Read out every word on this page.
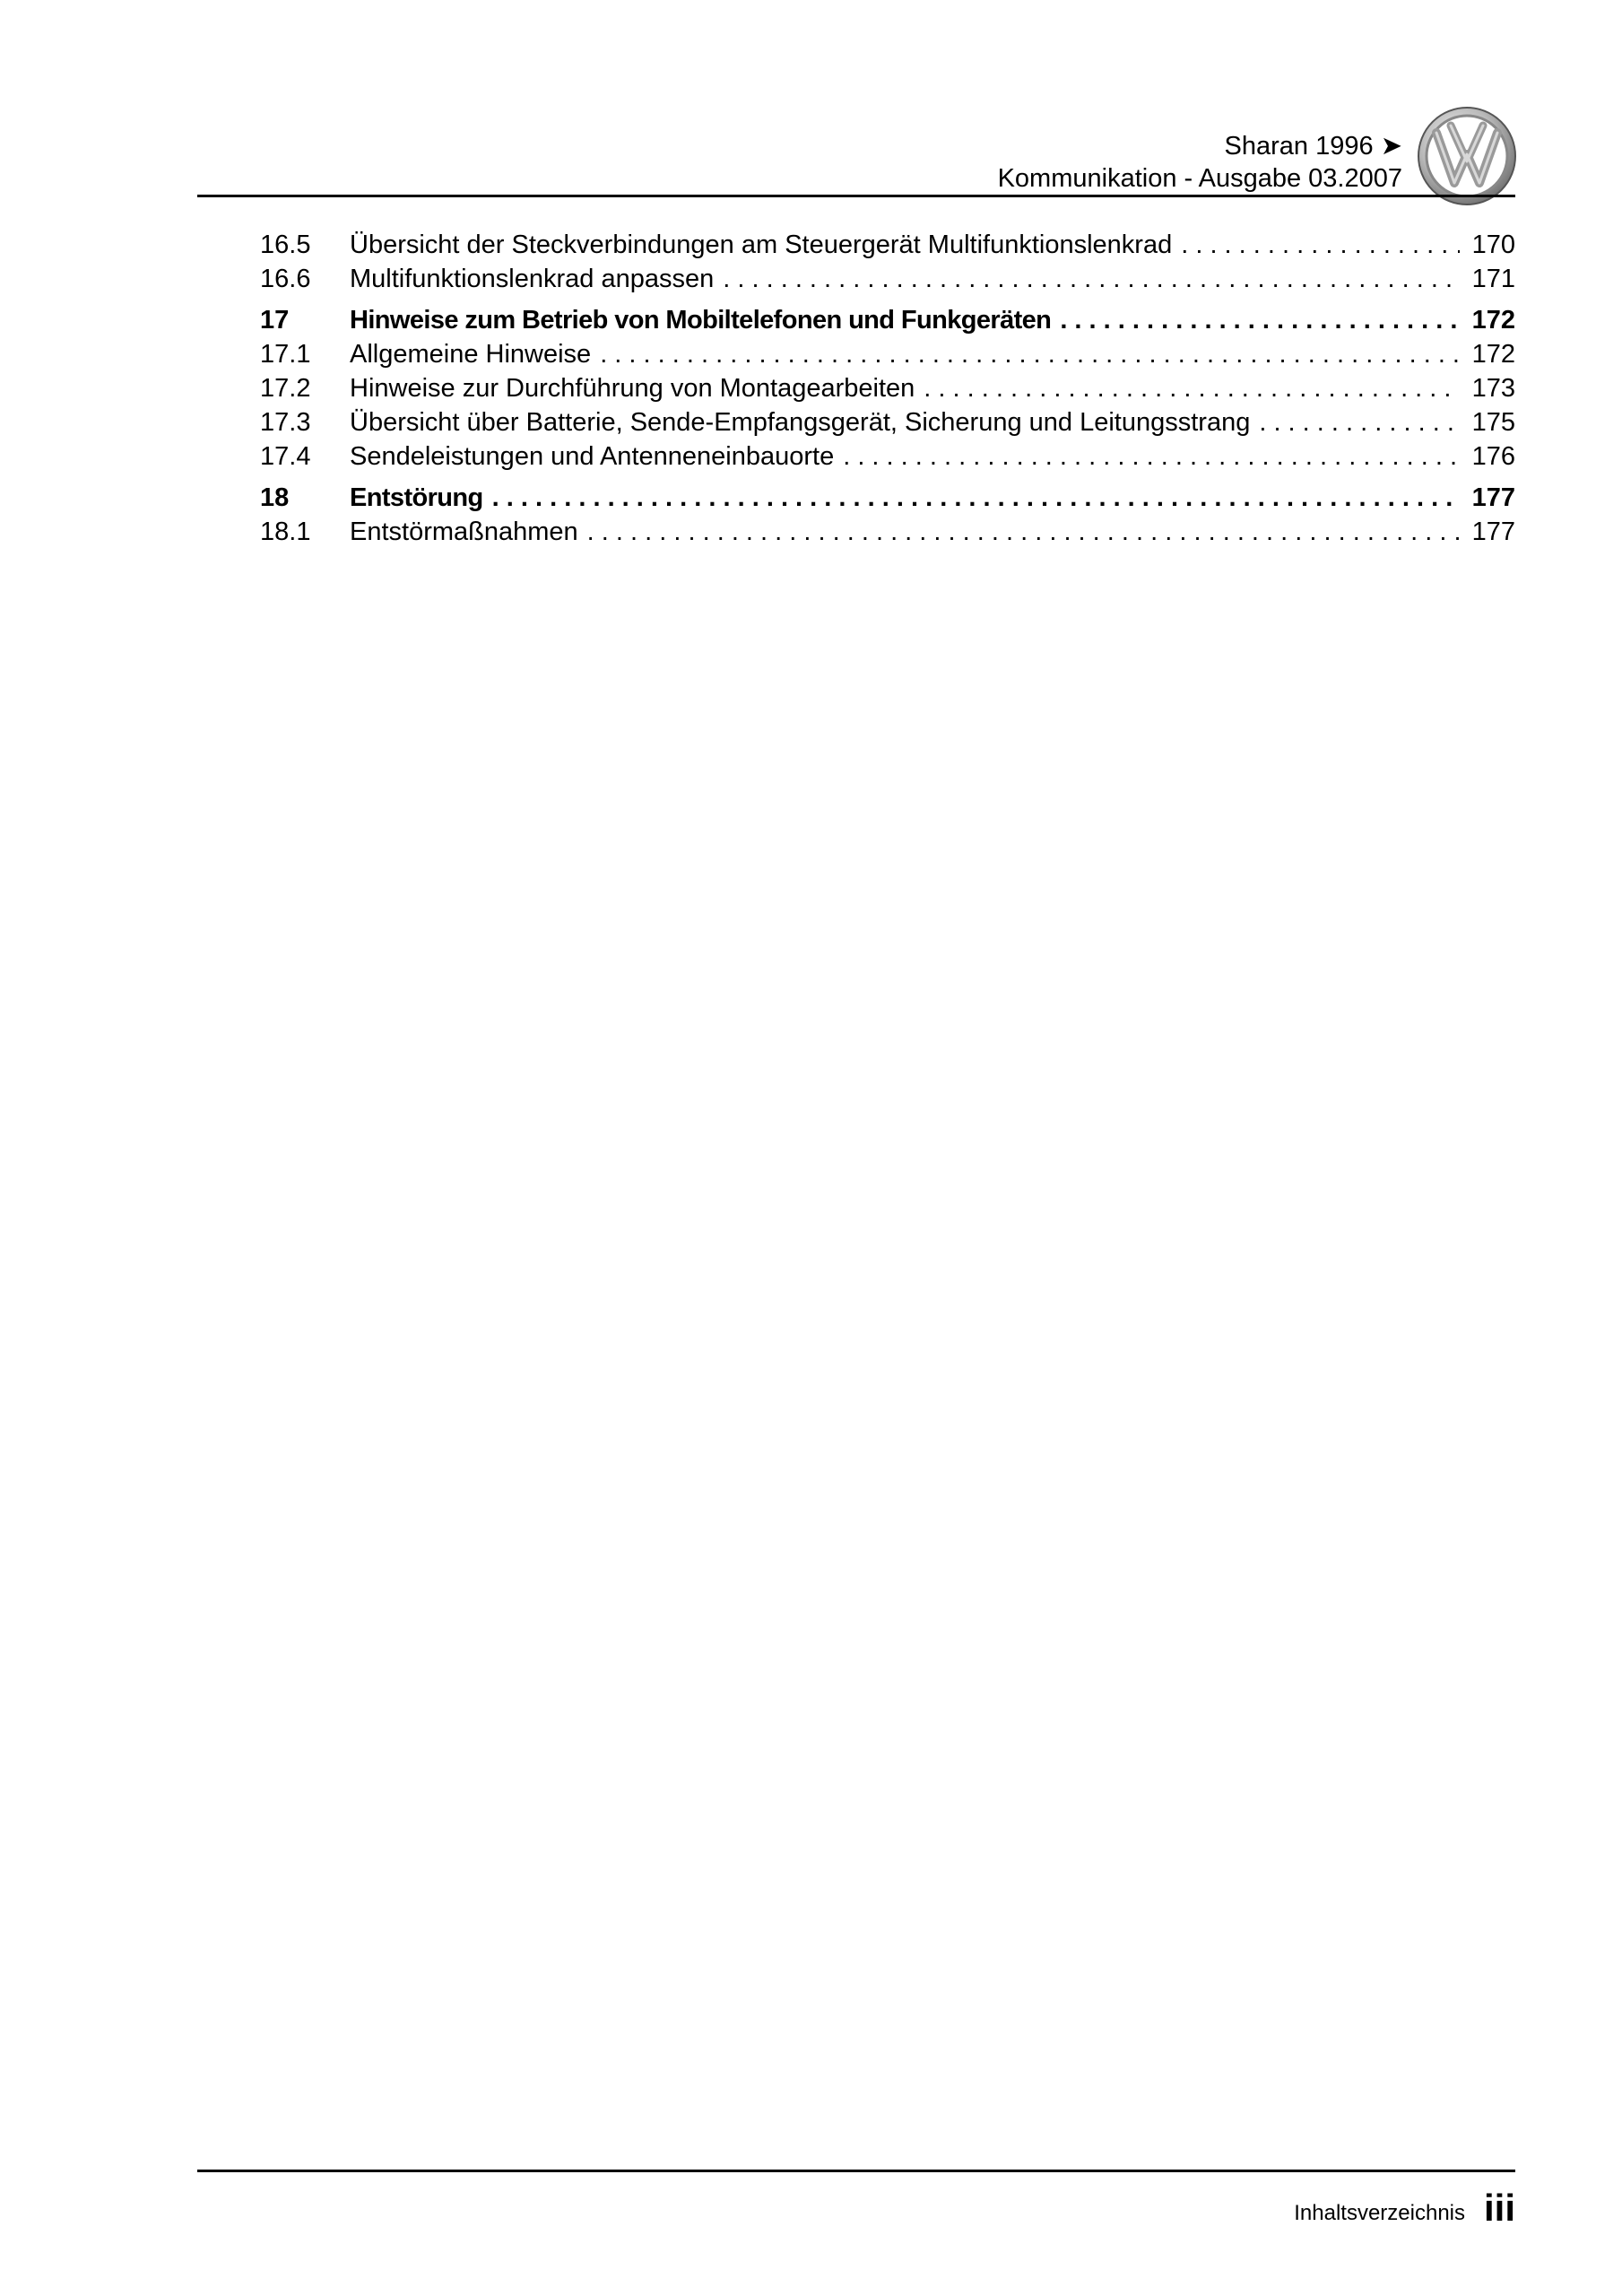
Sharan 1996 ➤
Kommunikation - Ausgabe 03.2007
16.5	Übersicht der Steckverbindungen am Steuergerät Multifunktionslenkrad . . .	170
16.6	Multifunktionslenkrad anpassen . . .	171
17	Hinweise zum Betrieb von Mobiltelefonen und Funkgeräten . . .	172
17.1	Allgemeine Hinweise . . .	172
17.2	Hinweise zur Durchführung von Montagearbeiten . . .	173
17.3	Übersicht über Batterie, Sende-Empfangsgerät, Sicherung und Leitungsstrang . . .	175
17.4	Sendeleistungen und Antenneneinbauorte . . .	176
18	Entstörung . . .	177
18.1	Entstörmaßnahmen . . .	177
Inhaltsverzeichnis iii
